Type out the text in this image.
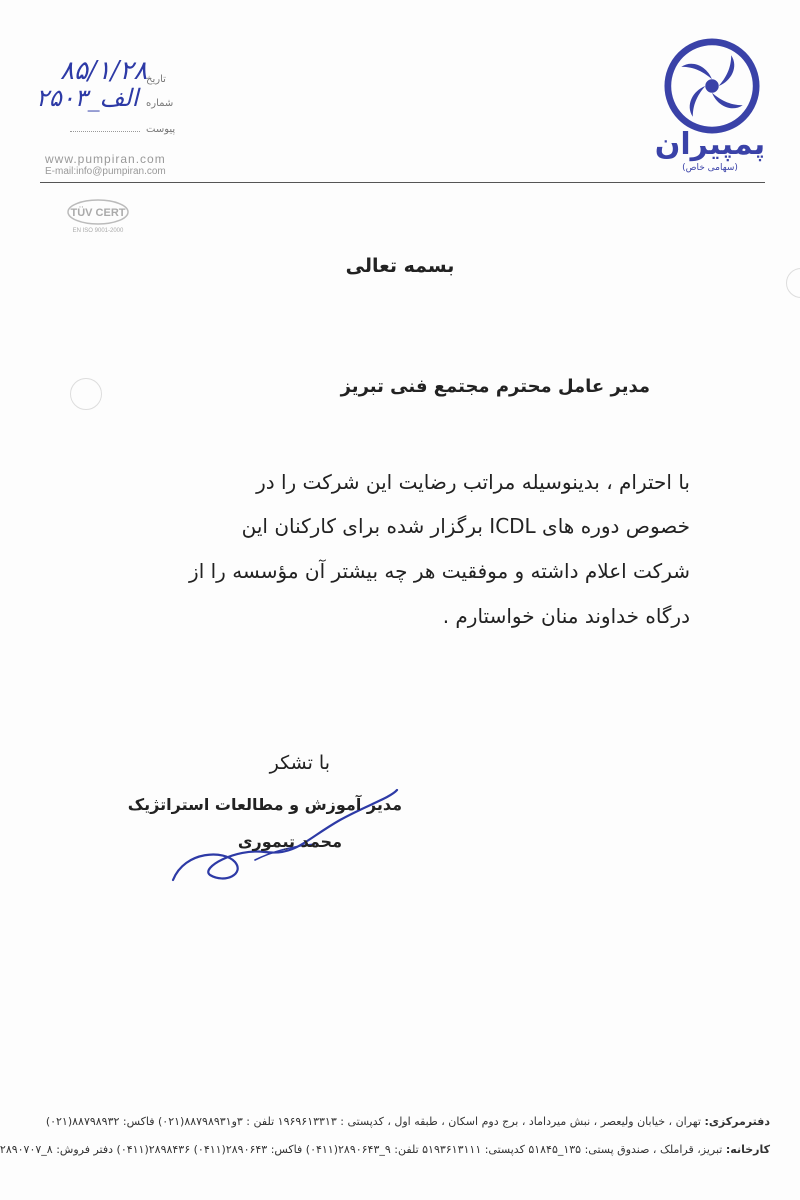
پمپیران
(سهامی خاص)
تاریخ
۸۵/۱/۲۸
شماره
۲۵۰۳_الف
پیوست
www.pumpiran.com
E-mail:info@pumpiran.com
TÜV CERT
EN ISO 9001-2000
بسمه تعالی
مدیر عامل محترم مجتمع فنی تبریز
با احترام ، بدینوسیله مراتب رضایت این شرکت را در
خصوص دوره های ICDL برگزار شده برای کارکنان این
شرکت اعلام داشته و موفقیت هر چه بیشتر آن مؤسسه را از
درگاه خداوند منان خواستارم .
با تشکر
مدیر آموزش و مطالعات استراتژیک
محمد تیموری
دفترمرکزی: تهران ، خیابان ولیعصر ، نبش میرداماد ، برج دوم اسکان ، طبقه اول ، کدپستی : ۱۹۶۹۶۱۳۳۱۳ تلفن : ۳و۸۸۷۹۸۹۳۱(۰۲۱) فاکس: ۸۸۷۹۸۹۳۲(۰۲۱)
کارخانه: تبریز، قراملک ، صندوق پستی: ۱۳۵_۵۱۸۴۵ کدپستی: ۵۱۹۳۶۱۳۱۱۱ تلفن: ۹_۲۸۹۰۶۴۳(۰۴۱۱) فاکس: ۲۸۹۰۶۴۳(۰۴۱۱) ۲۸۹۸۴۳۶(۰۴۱۱) دفتر فروش: ۸_۲۸۹۰۷۰۷
